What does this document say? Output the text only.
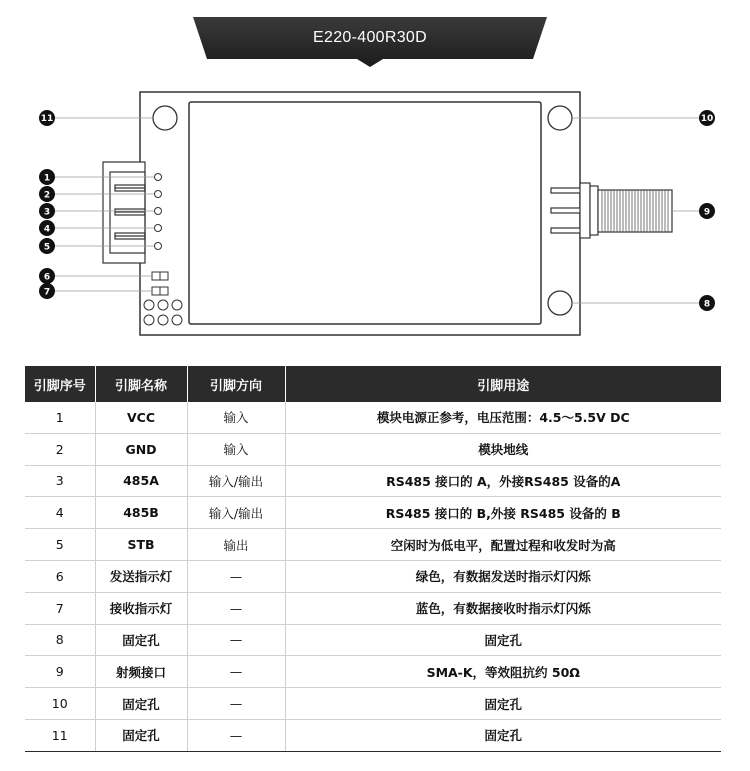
E220-400R30D
11
1
2
3
4
5
6
7
10
9
8
引脚序号	引脚名称	引脚方向	引脚用途
1	VCC	输入	模块电源正参考，电压范围：4.5～5.5V DC
2	GND	输入	模块地线
3	485A	输入/输出	RS485 接口的 A，外接RS485 设备的A
4	485B	输入/输出	RS485 接口的 B,外接 RS485 设备的 B
5	STB	输出	空闲时为低电平，配置过程和收发时为高
6	发送指示灯	—	绿色，有数据发送时指示灯闪烁
7	接收指示灯	—	蓝色，有数据接收时指示灯闪烁
8	固定孔	—	固定孔
9	射频接口	—	SMA-K，等效阻抗约 50Ω
10	固定孔	—	固定孔
11	固定孔	—	固定孔
